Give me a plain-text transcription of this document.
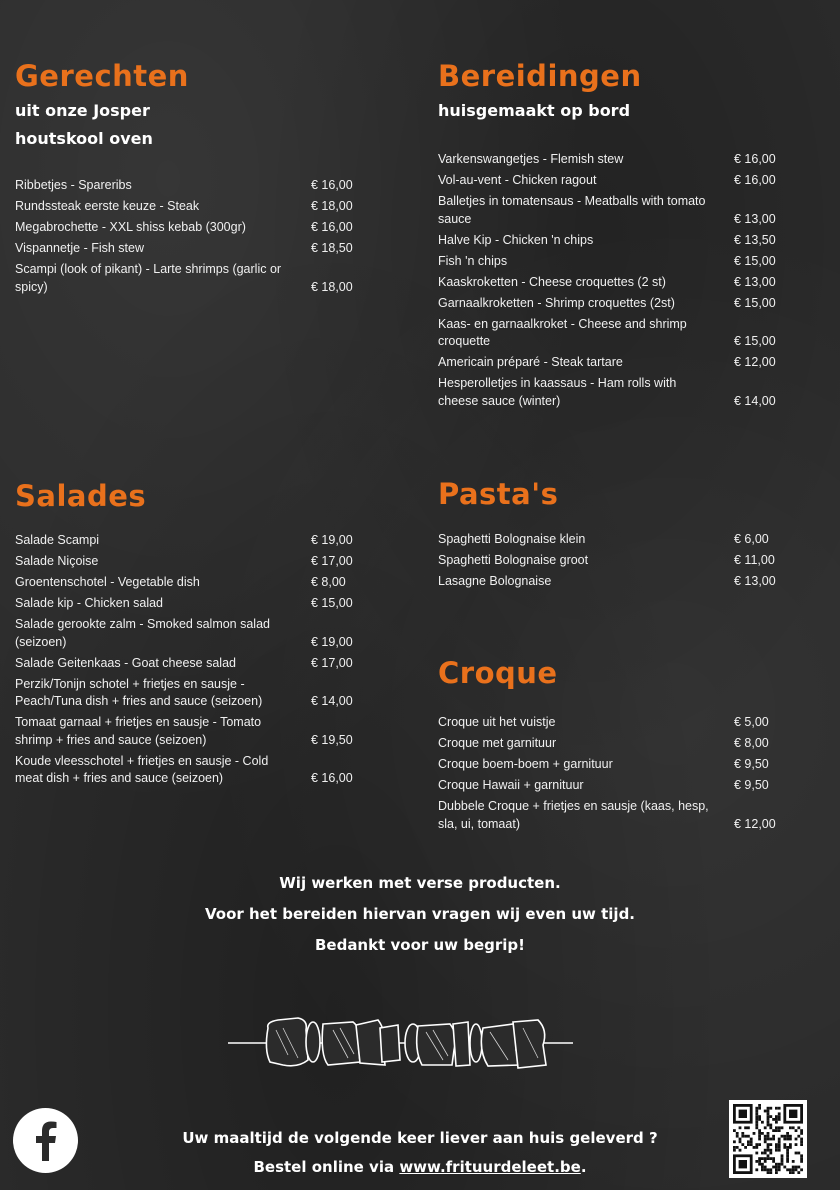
Gerechten

uit onze Josper

houtskool oven

Ribbetjes - Spareribs	€ 16,00
Rundssteak eerste keuze - Steak	€ 18,00
Megabrochette - XXL shiss kebab (300gr)	€ 16,00
Vispannetje - Fish stew	€ 18,50
Scampi (look of pikant) - Larte shrimps (garlic or spicy)	€ 18,00
Bereidingen

huisgemaakt op bord

Varkenswangetjes - Flemish stew	€ 16,00
Vol-au-vent - Chicken ragout	€ 16,00
Balletjes in tomatensaus - Meatballs with tomato sauce	€ 13,00
Halve Kip - Chicken 'n chips	€ 13,50
Fish 'n chips	€ 15,00
Kaaskroketten - Cheese croquettes (2 st)	€ 13,00
Garnaalkroketten - Shrimp croquettes (2st)	€ 15,00
Kaas- en garnaalkroket - Cheese and shrimp croquette	€ 15,00
Americain préparé - Steak tartare	€ 12,00
Hesperolletjes in kaassaus - Ham rolls with cheese sauce (winter)	€ 14,00
Salades
Salade Scampi	€ 19,00
Salade Niçoise	€ 17,00
Groentenschotel - Vegetable dish	€ 8,00
Salade kip - Chicken salad	€ 15,00
Salade gerookte zalm - Smoked salmon salad (seizoen)	€ 19,00
Salade Geitenkaas - Goat cheese salad	€ 17,00
Perzik/Tonijn schotel + frietjes en sausje - Peach/Tuna dish + fries and sauce (seizoen)	€ 14,00
Tomaat garnaal + frietjes en sausje - Tomato shrimp + fries and sauce (seizoen)	€ 19,50
Koude vleesschotel + frietjes en sausje - Cold meat dish + fries and sauce (seizoen)	€ 16,00
Pasta's
Spaghetti Bolognaise klein	€ 6,00
Spaghetti Bolognaise groot	€ 11,00
Lasagne Bolognaise	€ 13,00
Croque
Croque uit het vuistje	€ 5,00
Croque met garnituur	€ 8,00
Croque boem-boem + garnituur	€ 9,50
Croque Hawaii + garnituur	€ 9,50
Dubbele Croque + frietjes en sausje (kaas, hesp, sla, ui, tomaat)	€ 12,00
Wij werken met verse producten.
Voor het bereiden hiervan vragen wij even uw tijd.
Bedankt voor uw begrip!
Uw maaltijd de volgende keer liever aan huis geleverd ?
Bestel online via www.frituurdeleet.be.
